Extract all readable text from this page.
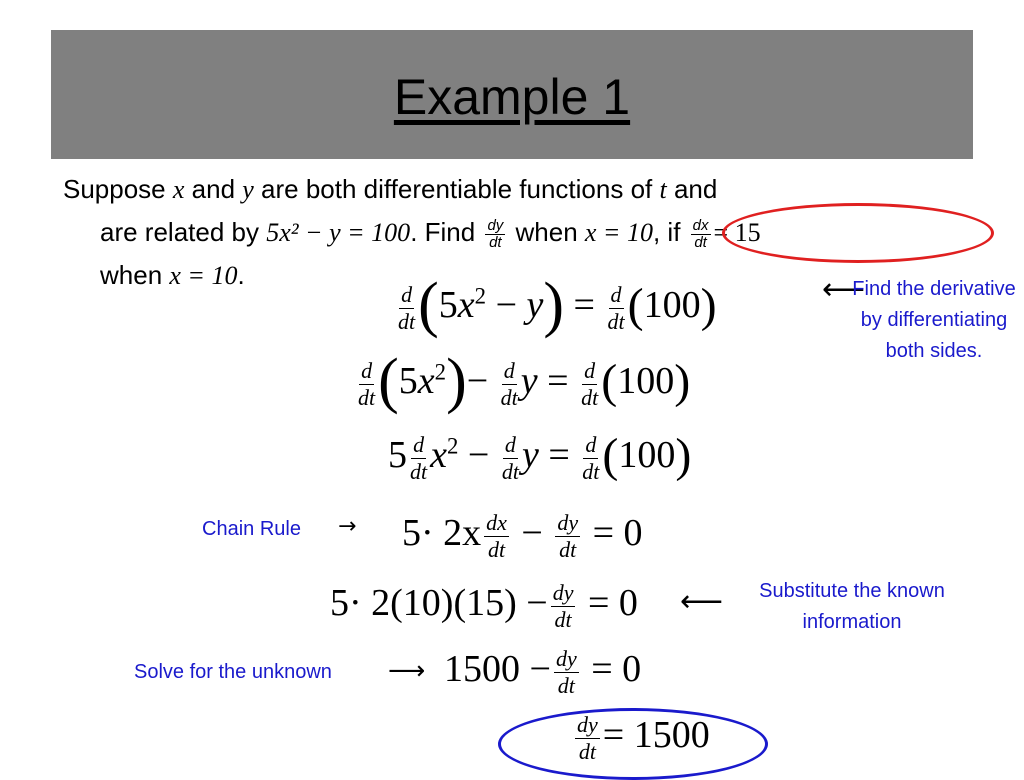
Example 1
Suppose x and y are both differentiable functions of t and
are related by 5x² − y = 100. Find $\frac{dy}{dt}$ when x = 10, if $\frac{dx}{dt} = 15$
when x = 10.
$\frac{d}{dt} (5x^2 - y) = \frac{d}{dt} (100)$
$\frac{d}{dt} (5x^2)- \frac{d}{dt}$ $y = \frac{d}{dt} (100)$
$5 \frac{d}{dt} x^2 - \frac{d}{dt}$ $y = \frac{d}{dt} (100)$
$5\cdot 2x \frac{dx}{dt} - \frac{dy}{dt} = 0$
$5\cdot 2(10)(15) - \frac{dy}{dt} = 0$
$1500 - \frac{dy}{dt} = 0$
$\frac{dy}{dt} = 1500$
⟵
Find the derivative by differentiating both sides.
Chain Rule →
⟵	Substitute the known information
Solve for the unknown ⟶
